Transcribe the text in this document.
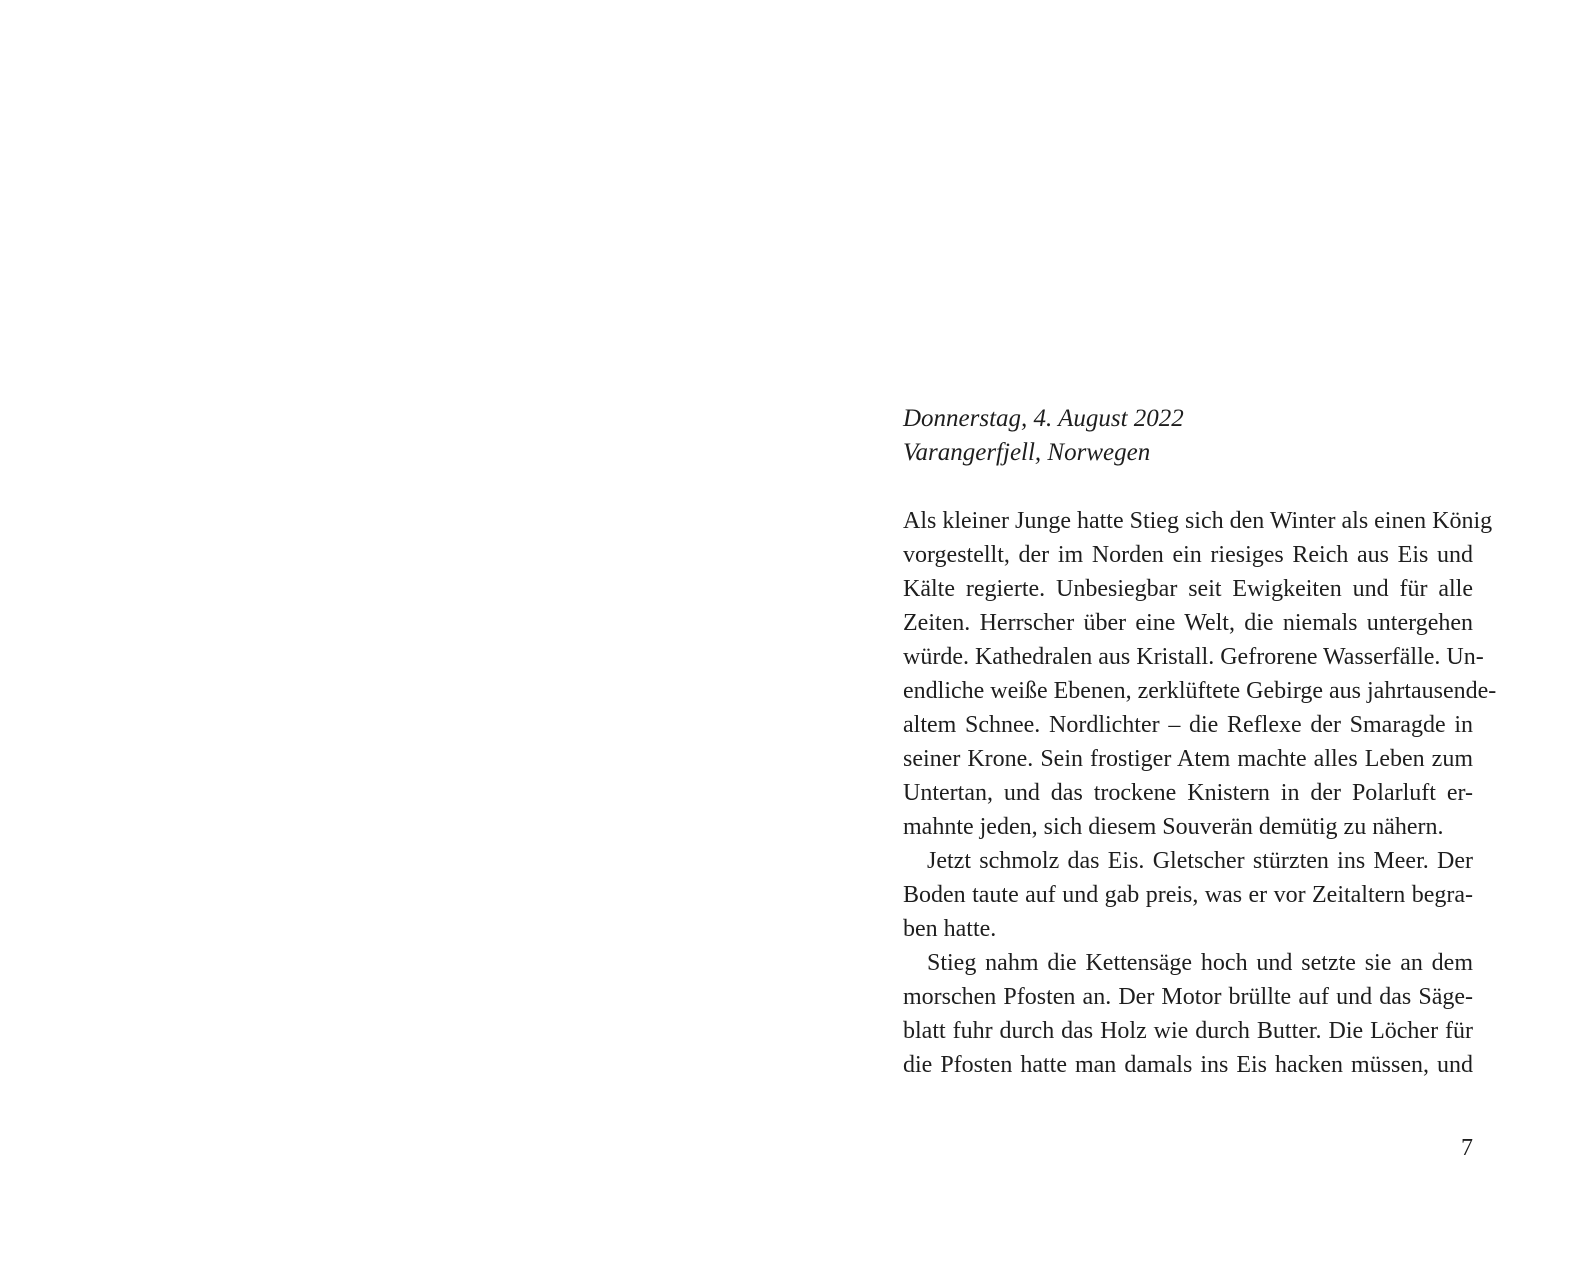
Donnerstag, 4. August 2022
Varangerfjell, Norwegen
Als kleiner Junge hatte Stieg sich den Winter als einen König
vorgestellt, der im Norden ein riesiges Reich aus Eis und
Kälte regierte. Unbesiegbar seit Ewigkeiten und für alle
Zeiten. Herrscher über eine Welt, die niemals untergehen
würde. Kathedralen aus Kristall. Gefrorene Wasserfälle. Un-
endliche weiße Ebenen, zerklüftete Gebirge aus jahrtausende-
altem Schnee. Nordlichter – die Reflexe der Smaragde in
seiner Krone. Sein frostiger Atem machte alles Leben zum
Untertan, und das trockene Knistern in der Polarluft er-
mahnte jeden, sich diesem Souverän demütig zu nähern.
Jetzt schmolz das Eis. Gletscher stürzten ins Meer. Der
Boden taute auf und gab preis, was er vor Zeitaltern begra-
ben hatte.
Stieg nahm die Kettensäge hoch und setzte sie an dem
morschen Pfosten an. Der Motor brüllte auf und das Säge-
blatt fuhr durch das Holz wie durch Butter. Die Löcher für
die Pfosten hatte man damals ins Eis hacken müssen, und
7
